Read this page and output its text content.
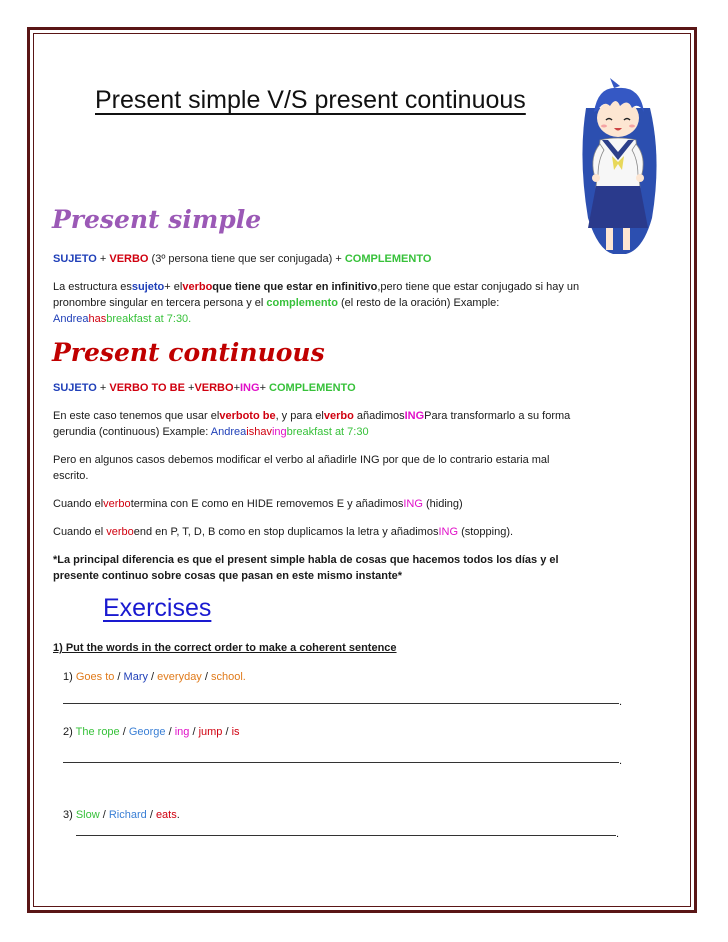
Present simple V/S present continuous
Present simple
SUJETO + VERBO (3º persona tiene que ser conjugada) + COMPLEMENTO
La estructura essujeto+ elverboque tiene que estar en infinitivo,pero tiene que estar conjugado si hay un
pronombre singular en tercera persona y el complemento (el resto de la oración) Example:
Andreahasbreakfast at 7:30.
Present continuous
SUJETO + VERBO TO BE +VERBO+ING+ COMPLEMENTO
En este caso tenemos que usar elverboto be, y para elverbo añadimosINGPara transformarlo a su forma
gerundia (continuous) Example: Andreaishavingbreakfast at 7:30
Pero en algunos casos debemos modificar el verbo al añadirle ING por que de lo contrario estaria mal
escrito.
Cuando elverbotermina con E como en HIDE removemos E y añadimosING (hiding)
Cuando el verboend en P, T, D, B como en stop duplicamos la letra y añadimosING (stopping).
*La principal diferencia es que el present simple habla de cosas que hacemos todos los días y el
presente continuo sobre cosas que pasan en este mismo instante*
Exercises
1) Put the words in the correct order to make a coherent sentence
1) Goes to / Mary / everyday / school.
.
2) The rope / George / ing / jump / is
.
3) Slow / Richard / eats.
.
